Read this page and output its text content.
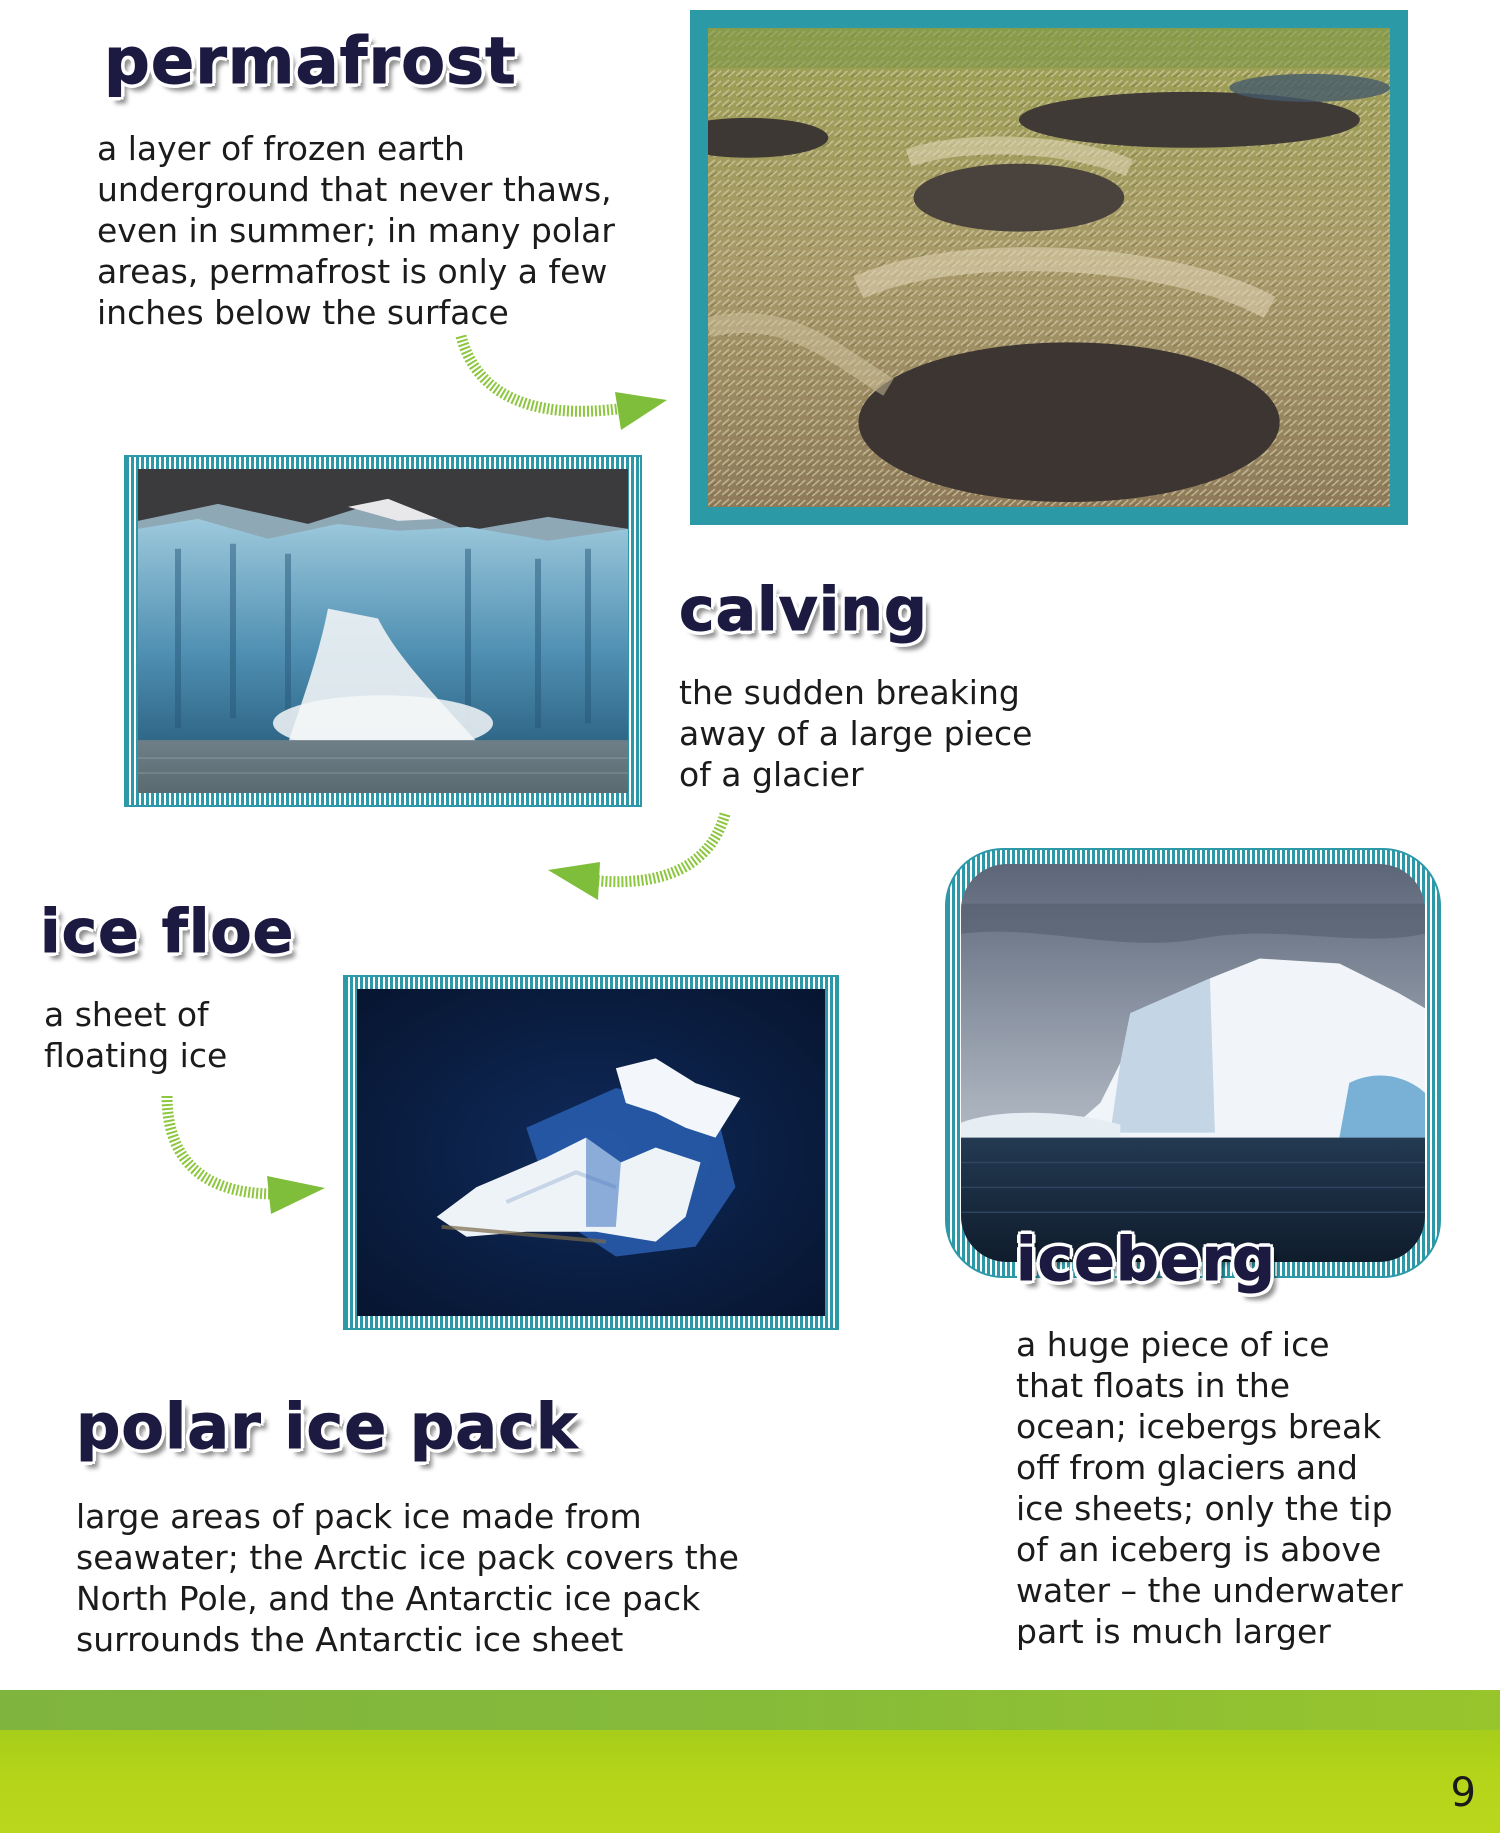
permafrost
a layer of frozen earth
underground that never thaws,
even in summer; in many polar
areas, permafrost is only a few
inches below the surface
calving
the sudden breaking
away of a large piece
of a glacier
ice floe
a sheet of
floating ice
iceberg
a huge piece of ice
that floats in the
ocean; icebergs break
off from glaciers and
ice sheets; only the tip
of an iceberg is above
water – the underwater
part is much larger
polar ice pack
large areas of pack ice made from
seawater; the Arctic ice pack covers the
North Pole, and the Antarctic ice pack
surrounds the Antarctic ice sheet
9
